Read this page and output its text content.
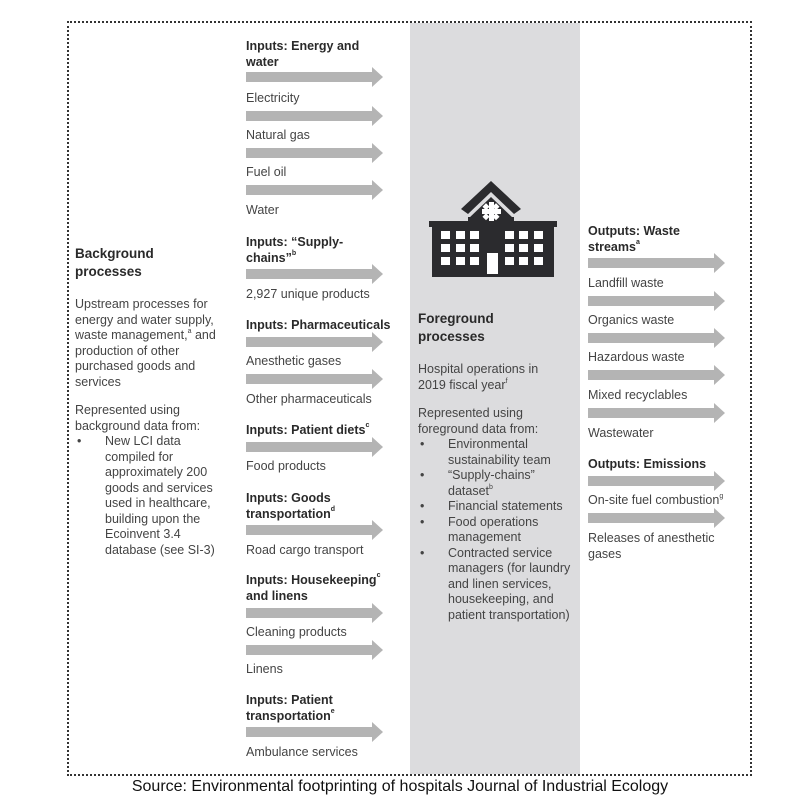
Background processes
Upstream processes for energy and water supply, waste management,$^a$ and production of other purchased goods and services
Represented using background data from:
• New LCI data compiled for approximately 200 goods and services used in healthcare, building upon the Ecoinvent 3.4 database (see SI-3)
Inputs: Energy and water
Electricity
Natural gas
Fuel oil
Water
Inputs: “Supply-chains”$^b$
2,927 unique products
Inputs: Pharmaceuticals
Anesthetic gases
Other pharmaceuticals
Inputs: Patient diets$^c$
Food products
Inputs: Goods transportation$^d$
Road cargo transport
Inputs: Housekeeping$^c$
and linens
Cleaning products
Linens
Inputs: Patient transportation$^e$
Ambulance services
Foreground processes
Hospital operations in 2019 fiscal year$^f$
Represented using foreground data from:
• Environmental sustainability team
• “Supply-chains” dataset$^b$
• Financial statements
• Food operations management
• Contracted service managers (for laundry and linen services, housekeeping, and patient transportation)
Outputs: Waste streams$^a$
Landfill waste
Organics waste
Hazardous waste
Mixed recyclables
Wastewater
Outputs: Emissions
On-site fuel combustion$^g$
Releases of anesthetic gases
Source: Environmental footprinting of hospitals Journal of Industrial Ecology
